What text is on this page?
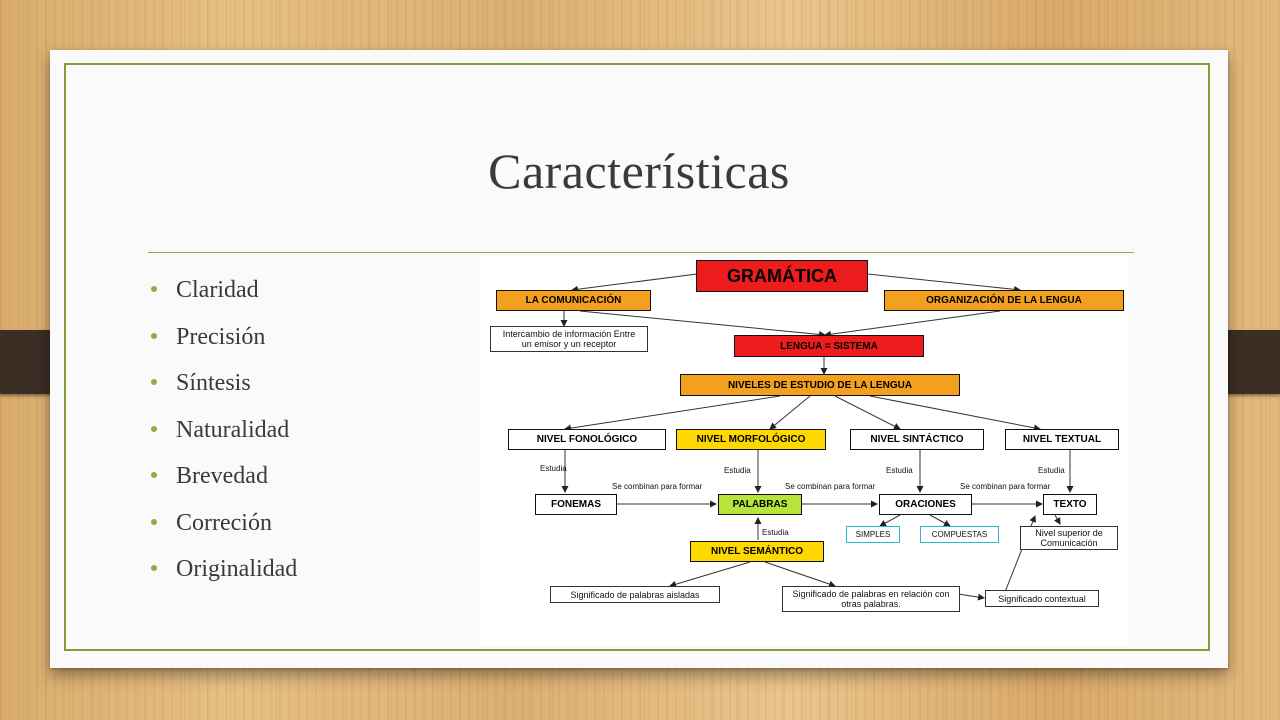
Características
Claridad
Precisión
Síntesis
Naturalidad
Brevedad
Correción
Originalidad
GRAMÁTICA
LA COMUNICACIÓN	ORGANIZACIÓN DE LA LENGUA
Intercambio de información Entre un emisor y un receptor	LENGUA = SISTEMA
NIVELES DE ESTUDIO DE LA LENGUA
NIVEL FONOLÓGICO	NIVEL MORFOLÓGICO	NIVEL SINTÁCTICO	NIVEL TEXTUAL
Estudia	Estudia	Estudia	Estudia
Se combinan para formar	Se combinan para formar	Se combinan para formar
FONEMAS	PALABRAS	ORACIONES	TEXTO
SIMPLES	COMPUESTAS	Nivel superior de Comunicación
Estudia
NIVEL SEMÁNTICO
Significado de palabras aisladas	Significado de palabras en relación con otras palabras.
Significado contextual
